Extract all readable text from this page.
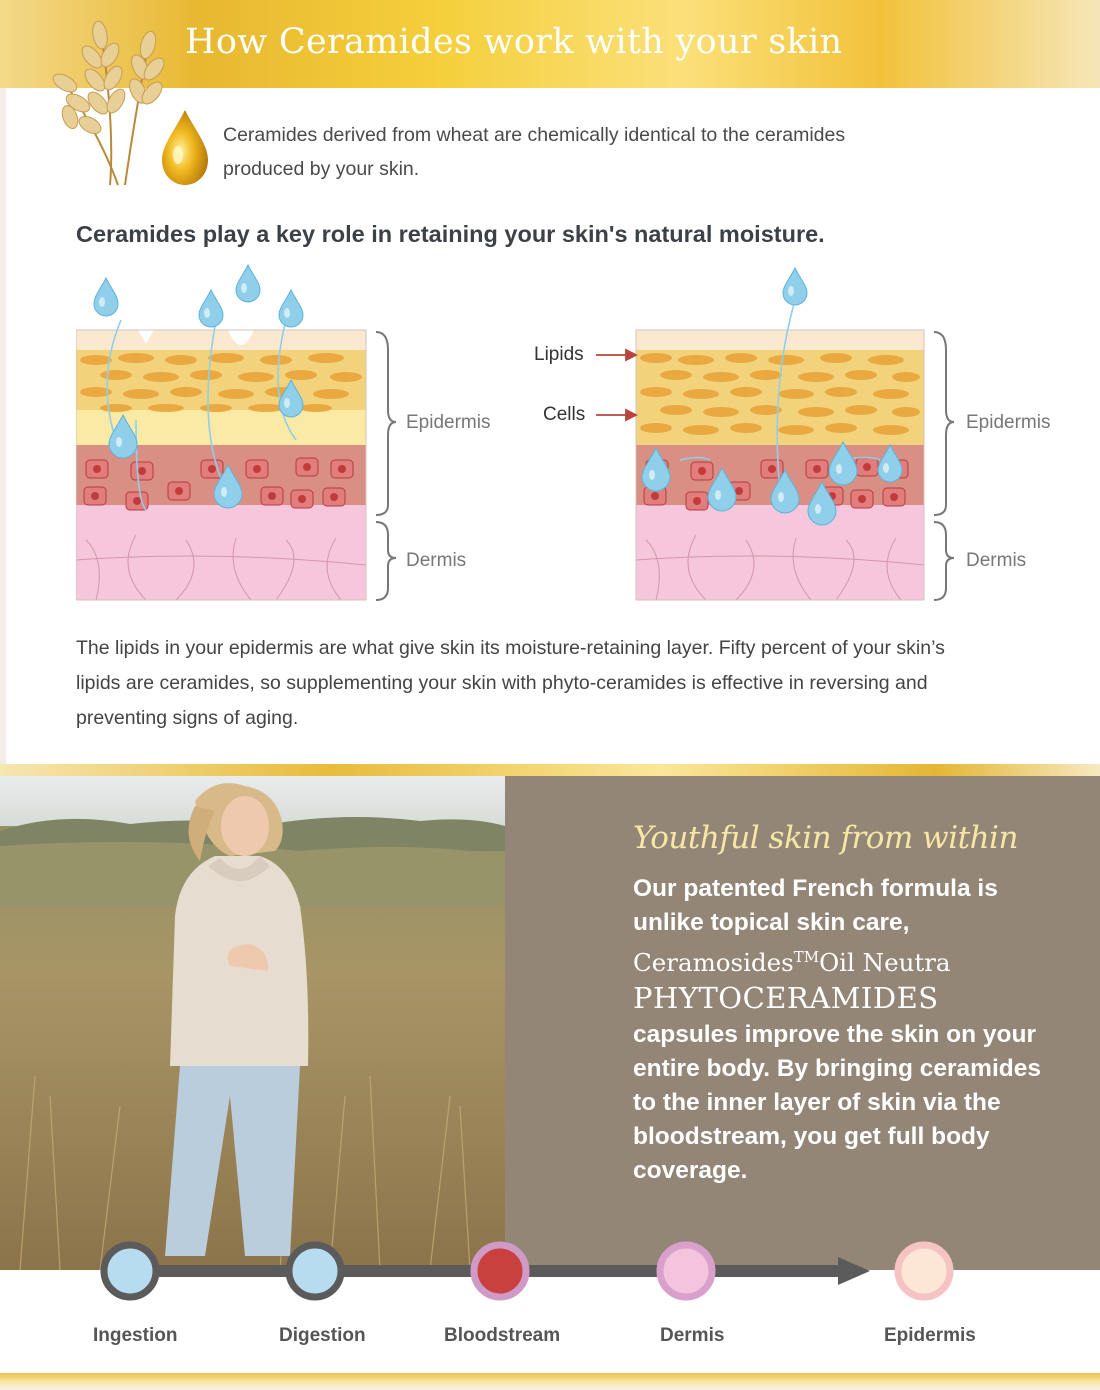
How Ceramides work with your skin
Ceramides derived from wheat are chemically identical to the ceramides produced by your skin.
Ceramides play a key role in retaining your skin's natural moisture.
Epidermis
Dermis
Lipids
Cells	Epidermis
Dermis
The lipids in your epidermis are what give skin its moisture-retaining layer. Fifty percent of your skin’s lipids are ceramides, so supplementing your skin with phyto-ceramides is effective in reversing and preventing signs of aging.
Youthful skin from within
Our patented French formula is unlike topical skin care,
Ceramosides™Oil Neutra
PHYTOCERAMIDES
capsules improve the skin on your entire body. By bringing ceramides to the inner layer of skin via the bloodstream, you get full body coverage.
Ingestion	Digestion	Bloodstream	Dermis	Epidermis
